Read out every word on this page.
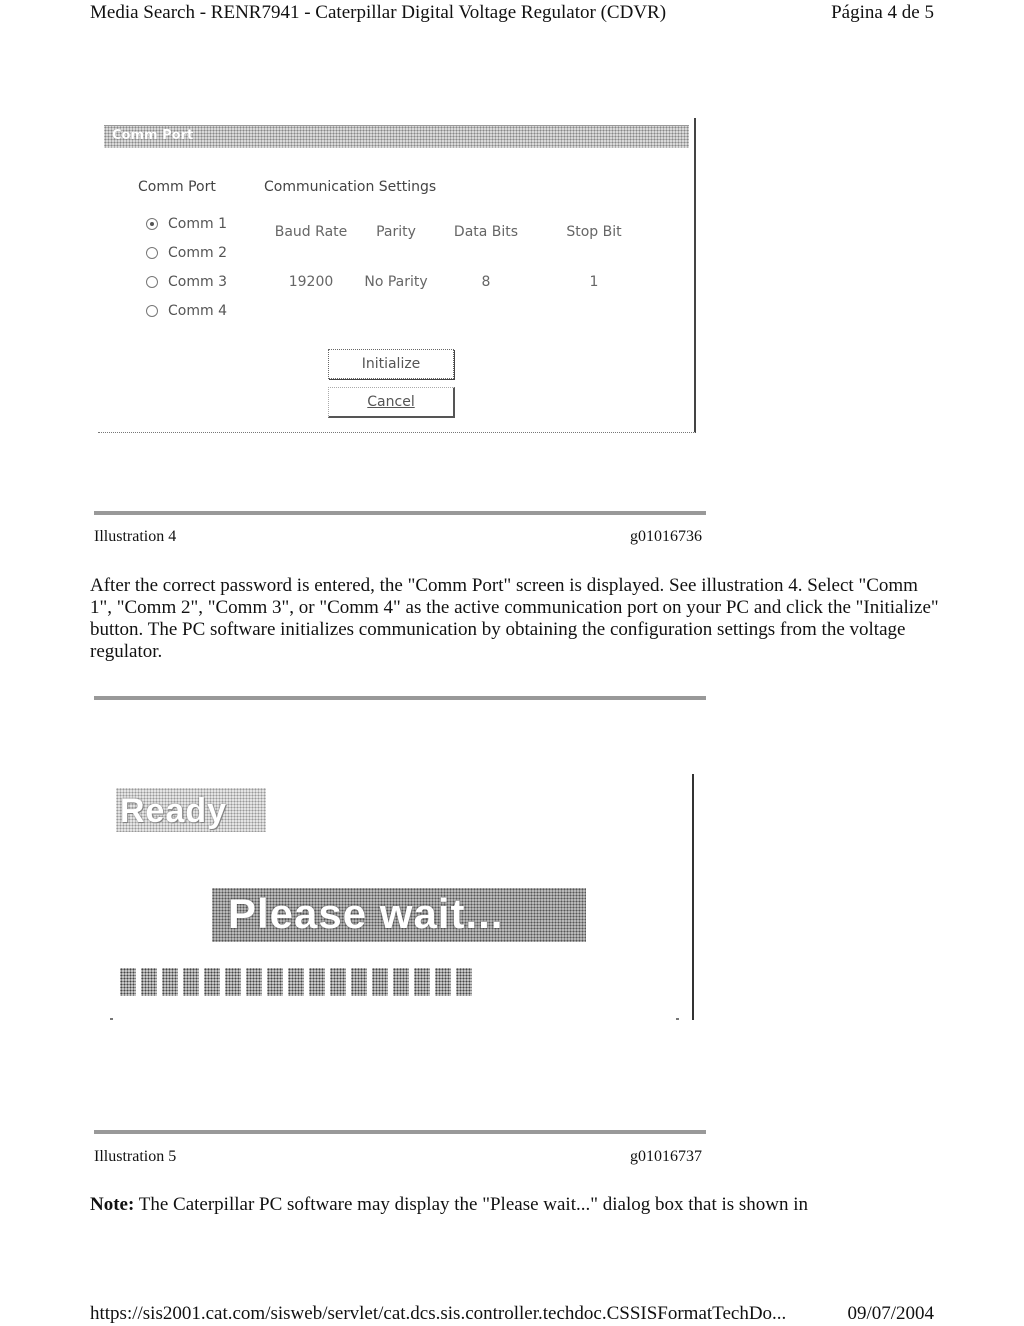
Media Search - RENR7941 - Caterpillar Digital Voltage Regulator (CDVR)	Página 4 de 5
Comm Port
Comm Port	Communication Settings
Comm 1
Comm 2
Comm 3
Comm 4
Baud Rate	Parity	Data Bits	Stop Bit
19200	No Parity	8	1
Initialize
Cancel
Illustration 4	g01016736
After the correct password is entered, the "Comm Port" screen is displayed. See illustration 4. Select "Comm 1", "Comm 2", "Comm 3", or "Comm 4" as the active communication port on your PC and click the "Initialize" button. The PC software initializes communication by obtaining the configuration settings from the voltage regulator.
Ready
Please wait...
Illustration 5	g01016737
Note: The Caterpillar PC software may display the "Please wait..." dialog box that is shown in
https://sis2001.cat.com/sisweb/servlet/cat.dcs.sis.controller.techdoc.CSSISFormatTechDo...	09/07/2004
